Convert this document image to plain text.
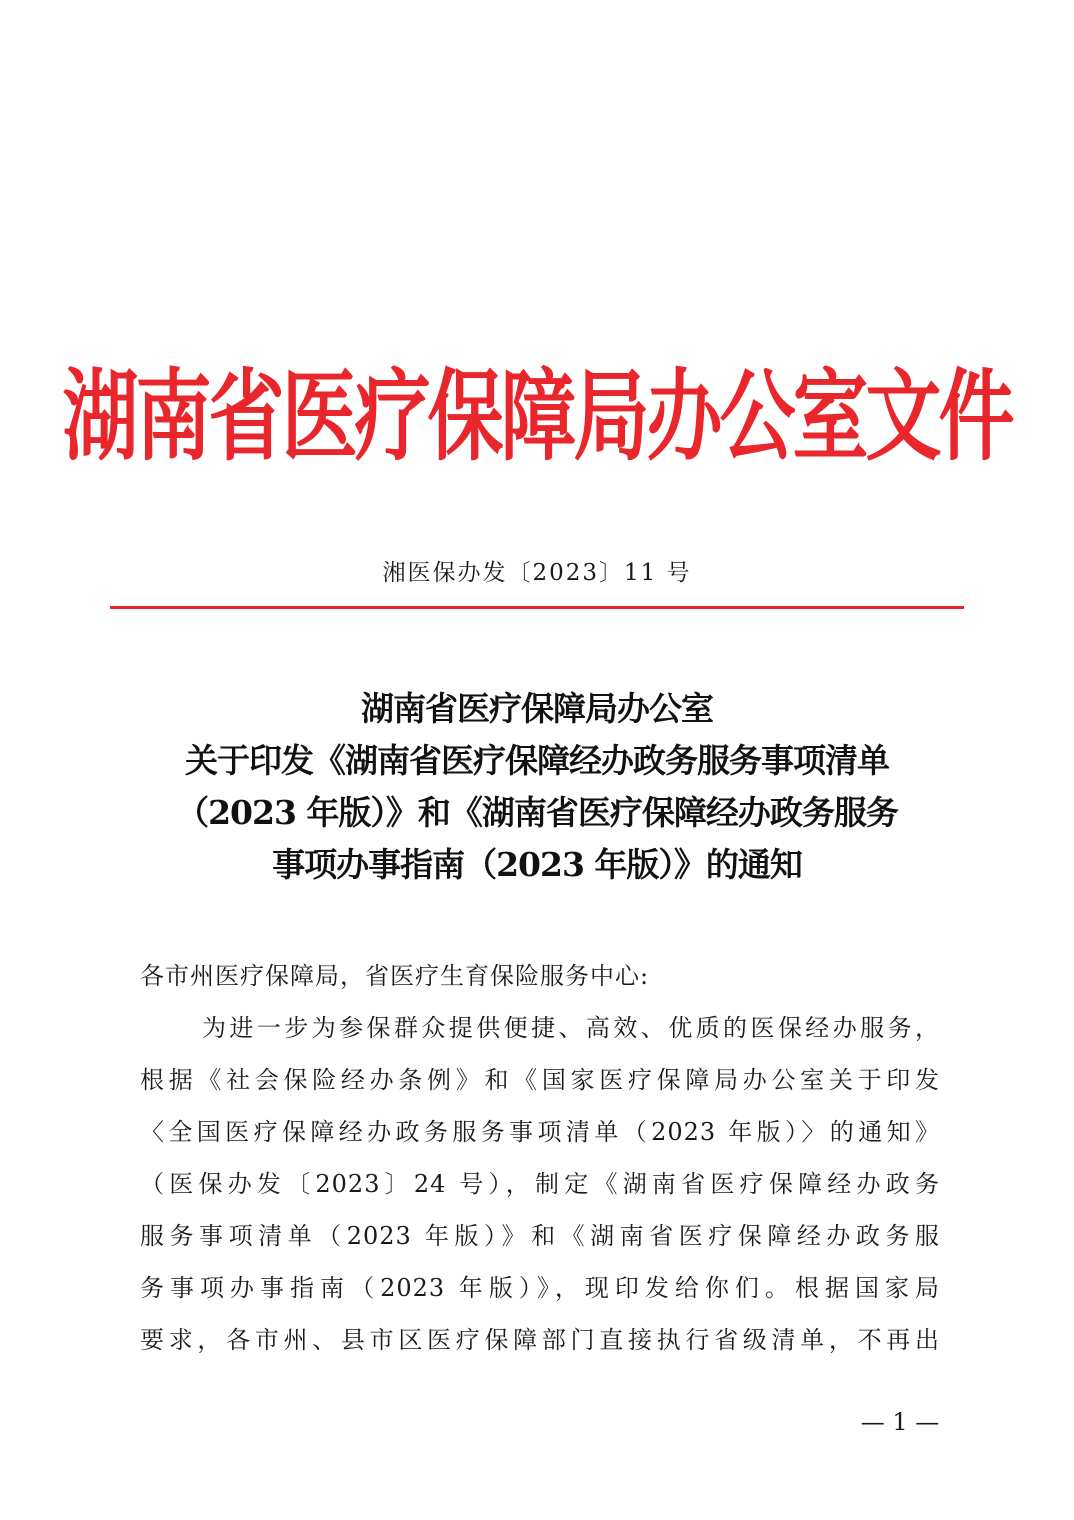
湖南省医疗保障局办公室文件
湘医保办发〔2023〕11 号
湖南省医疗保障局办公室
关于印发《湖南省医疗保障经办政务服务事项清单
（2023 年版）》和《湖南省医疗保障经办政务服务
事项办事指南（2023 年版）》的通知
各市州医疗保障局，省医疗生育保险服务中心:
为进一步为参保群众提供便捷、高效、优质的医保经办服务，
根据《社会保险经办条例》和《国家医疗保障局办公室关于印发
〈全国医疗保障经办政务服务事项清单（2023 年版）〉的通知》
（医保办发〔2023〕24 号），制定《湖南省医疗保障经办政务
服务事项清单（2023 年版）》和《湖南省医疗保障经办政务服
务事项办事指南（2023 年版）》，现印发给你们。根据国家局
要求，各市州、县市区医疗保障部门直接执行省级清单，不再出
— 1 —
